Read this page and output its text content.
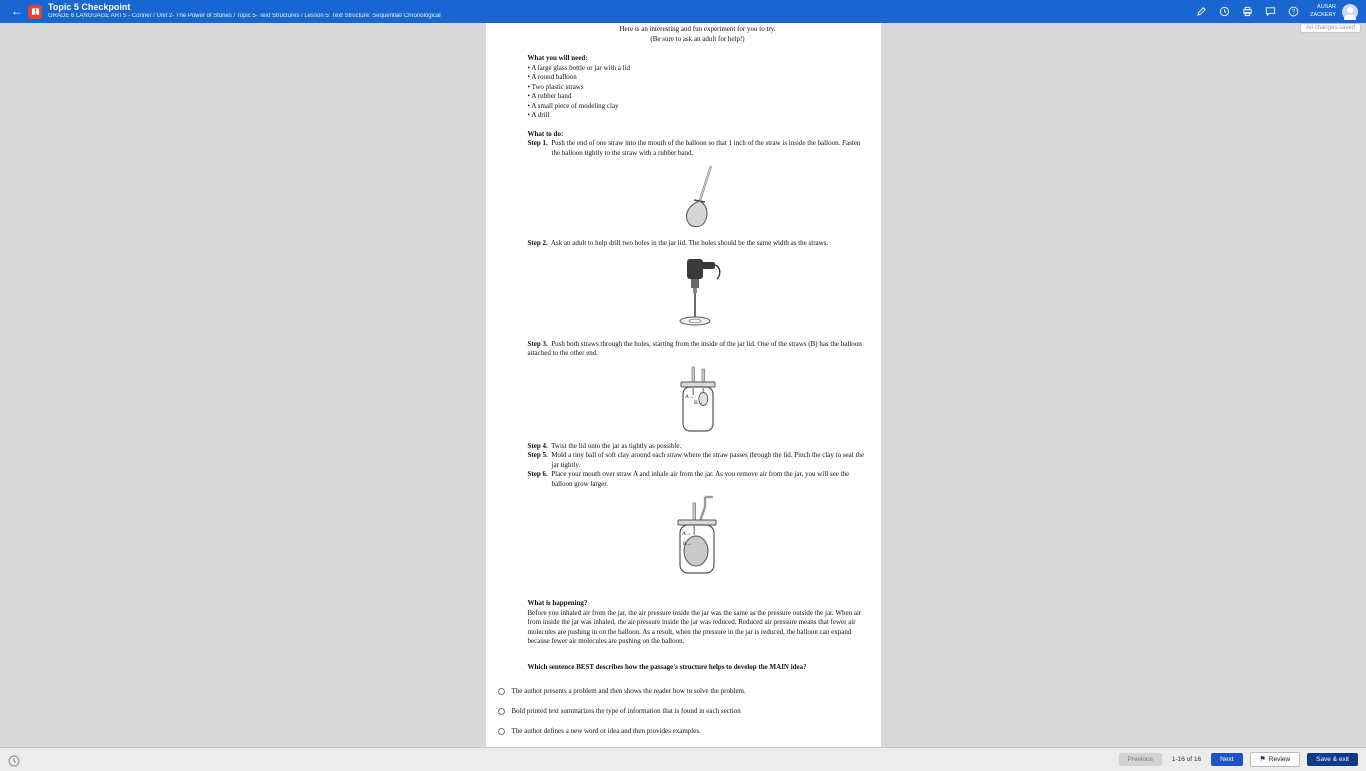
←	Topic 5 Checkpoint
GRADE 6 LANGUAGE ARTS - Conner / Unit 2- The Power of Stories / Topic 5- Text Structures / Lesson 5: Text Structure: Sequential/ Chronological
?
AUSAR
ZACKERY
All changes saved
Here is an interesting and fun experiment for you to try.
(Be sure to ask an adult for help!)
What you will need:
• A large glass bottle or jar with a lid
• A round balloon
• Two plastic straws
• A rubber band
• A small piece of modeling clay
• A drill
What to do:
Step 1. Push the end of one straw into the mouth of the balloon so that 1 inch of the straw is inside the balloon. Fasten the balloon tightly to the straw with a rubber band.
Step 2. Ask an adult to help drill two holes in the jar lid. The holes should be the same width as the straws.
Step 3. Push both straws through the holes, starting from the inside of the jar lid. One of the straws (B) has the balloon attached to the other end.
A→
B→
Step 4. Twist the lid onto the jar as tightly as possible.
Step 5. Mold a tiny ball of soft clay around each straw where the straw passes through the lid. Pinch the clay to seal the jar tightly.
Step 6. Place your mouth over straw A and inhale air from the jar. As you remove air from the jar, you will see the balloon grow larger.
A→
B→
What is happening?
Before you inhaled air from the jar, the air pressure inside the jar was the same as the pressure outside the jar. When air from inside the jar was inhaled, the air pressure inside the jar was reduced. Reduced air pressure means that fewer air molecules are pushing in on the balloon. As a result, when the pressure in the jar is reduced, the balloon can expand because fewer air molecules are pushing on the balloon.
Which sentence BEST describes how the passage's structure helps to develop the MAIN idea?
The author presents a problem and then shows the reader how to solve the problem.
Bold printed text summarizes the type of information that is found in each section
The author defines a new word or idea and then provides examples.
Previous	1-16 of 16	Next	⚑ Review	Save & exit
